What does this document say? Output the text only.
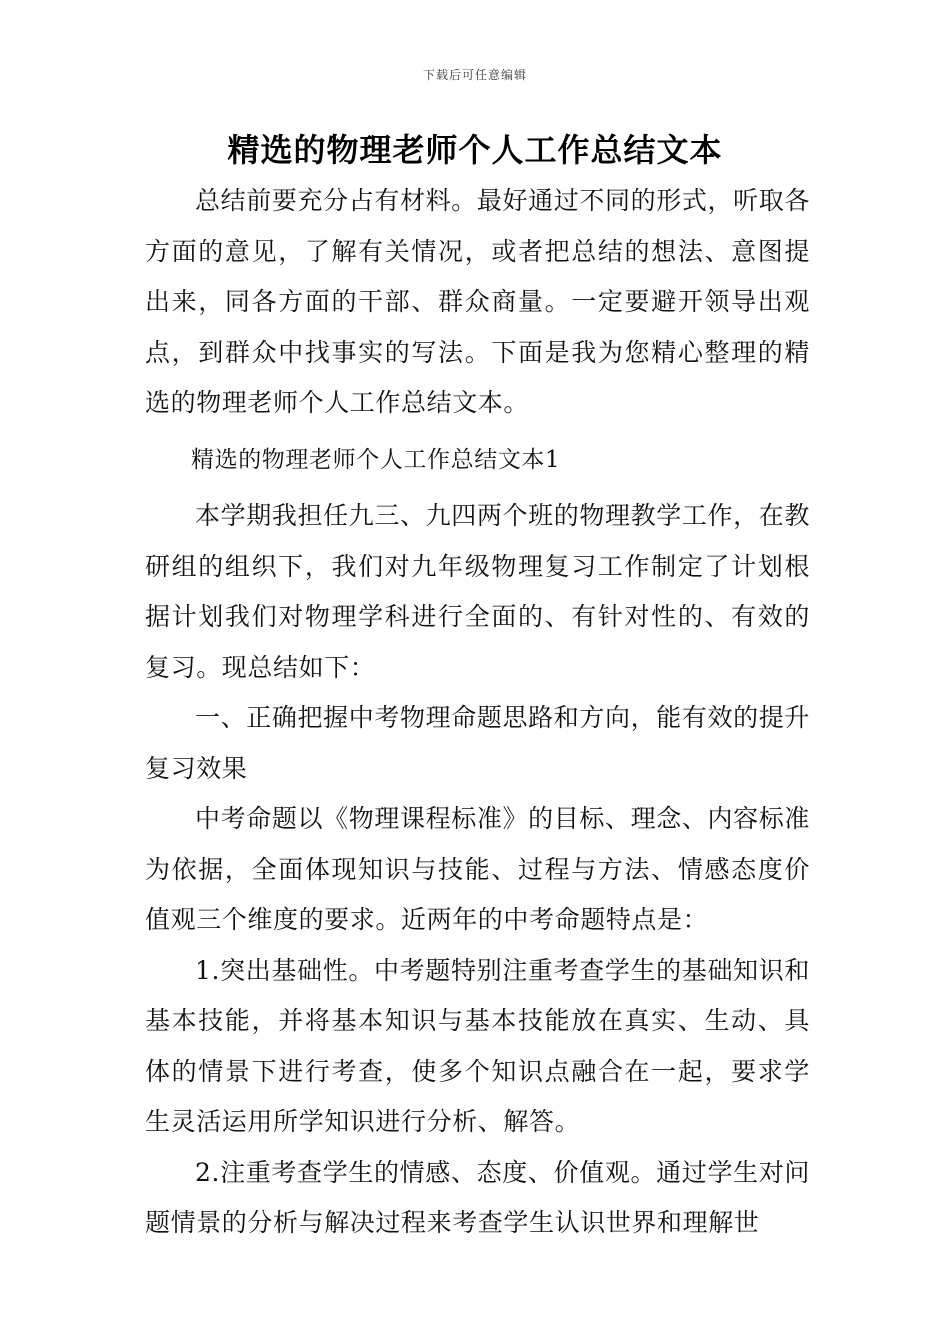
下载后可任意编辑
精选的物理老师个人工作总结文本

总结前要充分占有材料。最好通过不同的形式，听取各方面的意见，了解有关情况，或者把总结的想法、意图提出来，同各方面的干部、群众商量。一定要避开领导出观点，到群众中找事实的写法。下面是我为您精心整理的精选的物理老师个人工作总结文本。

精选的物理老师个人工作总结文本1

本学期我担任九三、九四两个班的物理教学工作，在教研组的组织下，我们对九年级物理复习工作制定了计划根据计划我们对物理学科进行全面的、有针对性的、有效的复习。现总结如下：

一、正确把握中考物理命题思路和方向，能有效的提升复习效果

中考命题以《物理课程标准》的目标、理念、内容标准为依据，全面体现知识与技能、过程与方法、情感态度价值观三个维度的要求。近两年的中考命题特点是：

1.突出基础性。中考题特别注重考查学生的基础知识和基本技能，并将基本知识与基本技能放在真实、生动、具体的情景下进行考查，使多个知识点融合在一起，要求学生灵活运用所学知识进行分析、解答。

2.注重考查学生的情感、态度、价值观。通过学生对问题情景的分析与解决过程来考查学生认识世界和理解世
